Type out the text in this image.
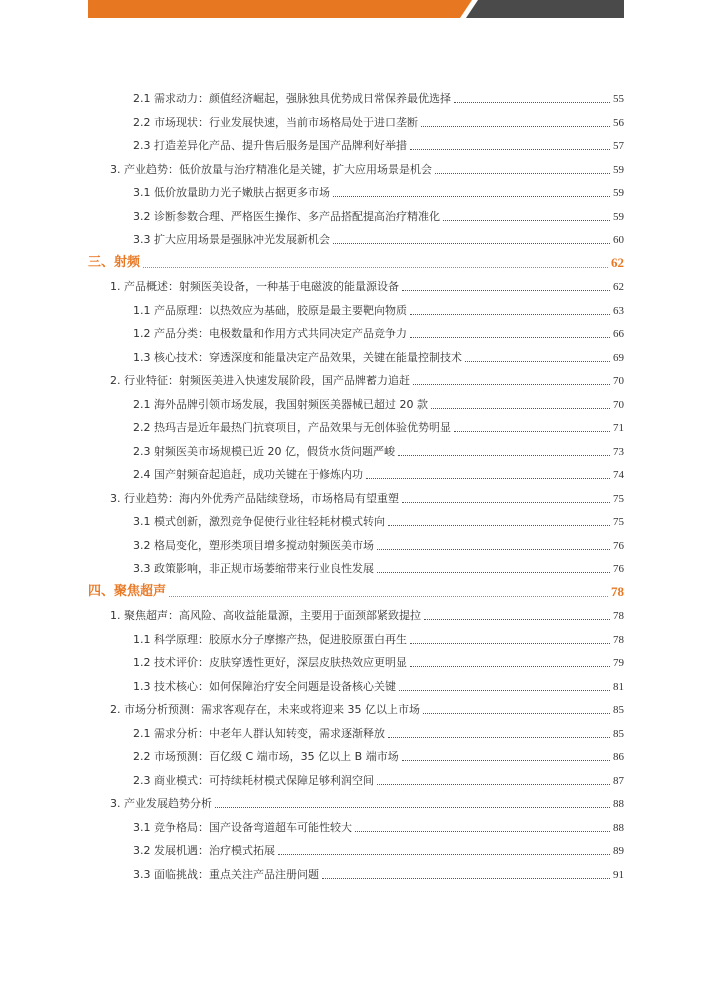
2.1 需求动力：颜值经济崛起，强脉独具优势成日常保养最优选择	55
2.2 市场现状：行业发展快速，当前市场格局处于进口垄断	56
2.3 打造差异化产品、提升售后服务是国产品牌利好举措	57
3. 产业趋势：低价放量与治疗精准化是关键，扩大应用场景是机会	59
3.1 低价放量助力光子嫩肤占据更多市场	59
3.2 诊断参数合理、严格医生操作、多产品搭配提高治疗精准化	59
3.3 扩大应用场景是强脉冲光发展新机会	60
三、射频	62
1. 产品概述：射频医美设备，一种基于电磁波的能量源设备	62
1.1 产品原理：以热效应为基础，胶原是最主要靶向物质	63
1.2 产品分类：电极数量和作用方式共同决定产品竞争力	66
1.3 核心技术：穿透深度和能量决定产品效果，关键在能量控制技术	69
2. 行业特征：射频医美进入快速发展阶段，国产品牌蓄力追赶	70
2.1 海外品牌引领市场发展，我国射频医美器械已超过 20 款	70
2.2 热玛吉是近年最热门抗衰项目，产品效果与无创体验优势明显	71
2.3 射频医美市场规模已近 20 亿，假货水货问题严峻	73
2.4 国产射频奋起追赶，成功关键在于修炼内功	74
3. 行业趋势：海内外优秀产品陆续登场，市场格局有望重塑	75
3.1 模式创新，激烈竞争促使行业往轻耗材模式转向	75
3.2 格局变化，塑形类项目增多搅动射频医美市场	76
3.3 政策影响，非正规市场萎缩带来行业良性发展	76
四、聚焦超声	78
1. 聚焦超声：高风险、高收益能量源，主要用于面颈部紧致提拉	78
1.1 科学原理：胶原水分子摩擦产热，促进胶原蛋白再生	78
1.2 技术评价：皮肤穿透性更好，深层皮肤热效应更明显	79
1.3 技术核心：如何保障治疗安全问题是设备核心关键	81
2. 市场分析预测：需求客观存在，未来或将迎来 35 亿以上市场	85
2.1 需求分析：中老年人群认知转变，需求逐渐释放	85
2.2 市场预测：百亿级 C 端市场，35 亿以上 B 端市场	86
2.3 商业模式：可持续耗材模式保障足够利润空间	87
3. 产业发展趋势分析	88
3.1 竞争格局：国产设备弯道超车可能性较大	88
3.2 发展机遇：治疗模式拓展	89
3.3 面临挑战：重点关注产品注册问题	91
